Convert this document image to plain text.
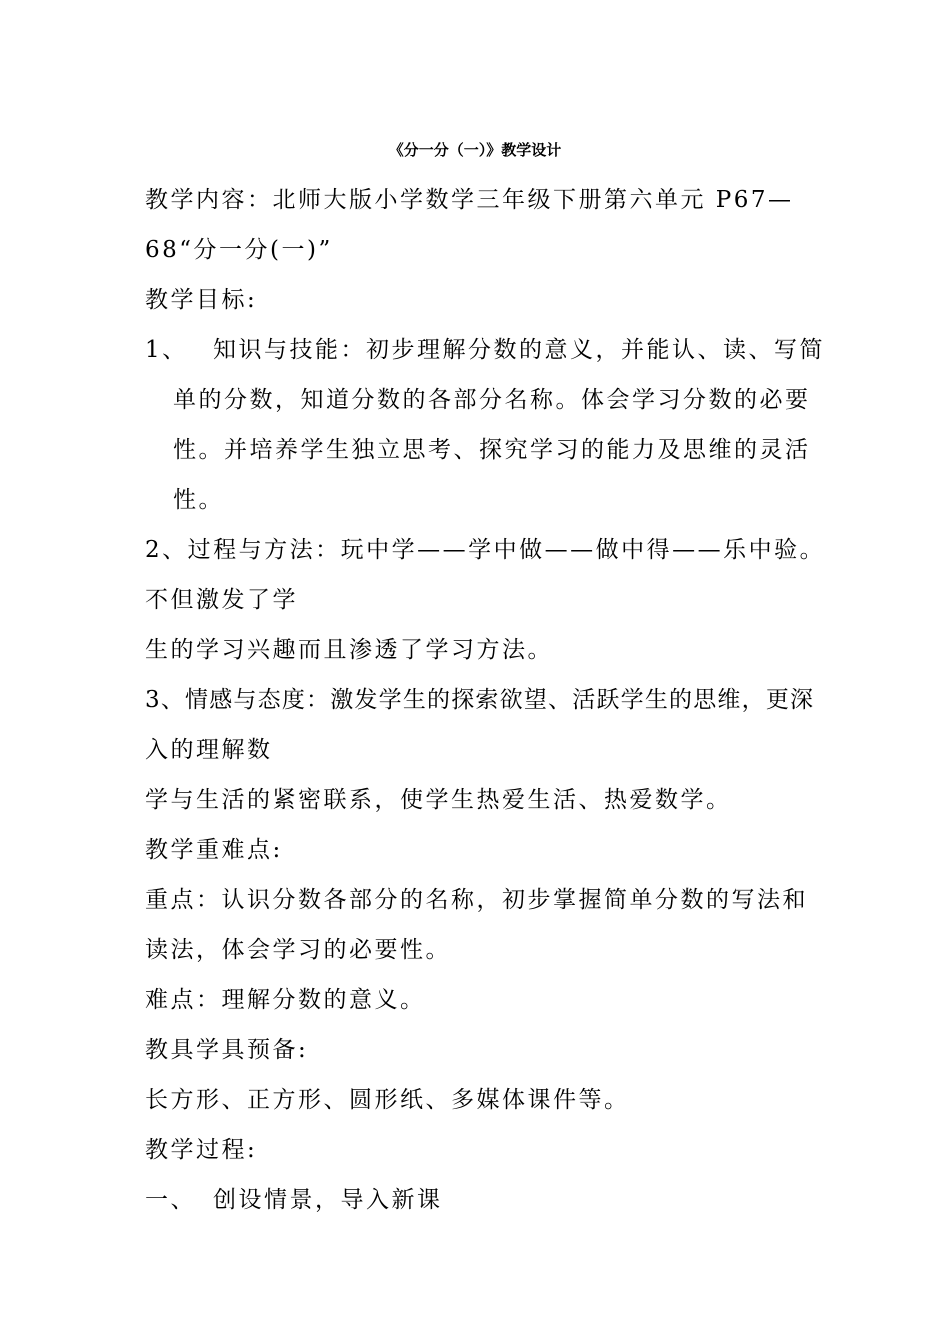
《分一分（一）》教学设计
教学内容：北师大版小学数学三年级下册第六单元 P67—
68“分一分(一)”
教学目标:
1、 知识与技能：初步理解分数的意义，并能认、读、写简
单的分数，知道分数的各部分名称。体会学习分数的必要
性。并培养学生独立思考、探究学习的能力及思维的灵活
性。
2、过程与方法：玩中学——学中做——做中得——乐中验。
不但激发了学
生的学习兴趣而且渗透了学习方法。
3、情感与态度：激发学生的探索欲望、活跃学生的思维，更深
入的理解数
学与生活的紧密联系，使学生热爱生活、热爱数学。
教学重难点:
重点：认识分数各部分的名称，初步掌握简单分数的写法和
读法，体会学习的必要性。
难点：理解分数的意义。
教具学具预备:
长方形、正方形、圆形纸、多媒体课件等。
教学过程:
一、 创设情景，导入新课
